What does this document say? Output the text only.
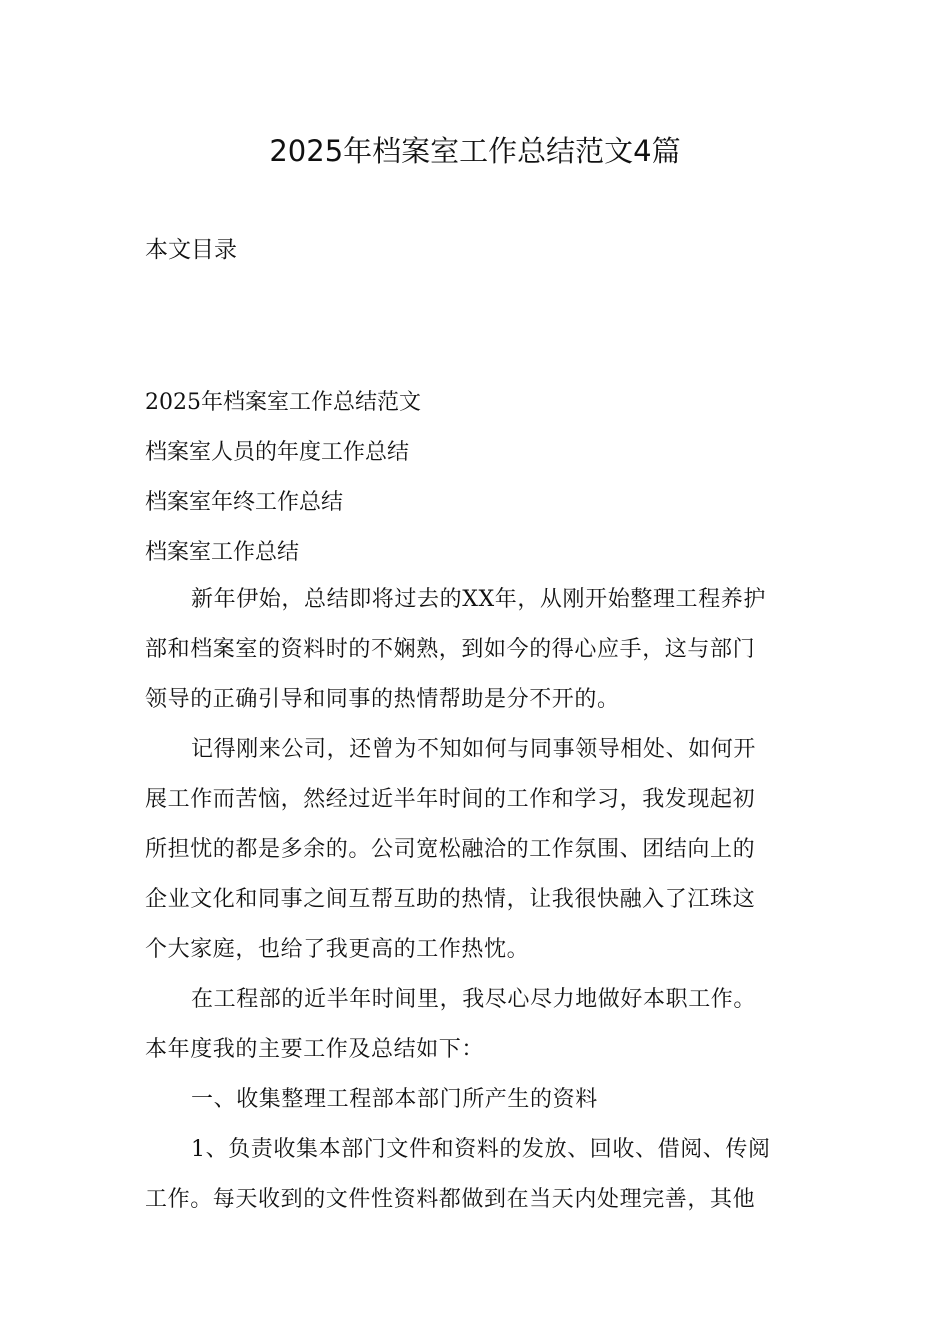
2025年档案室工作总结范文4篇
本文目录
2025年档案室工作总结范文
档案室人员的年度工作总结
档案室年终工作总结
档案室工作总结

新年伊始，总结即将过去的XX年，从刚开始整理工程养护
部和档案室的资料时的不娴熟，到如今的得心应手，这与部门
领导的正确引导和同事的热情帮助是分不开的。

记得刚来公司，还曾为不知如何与同事领导相处、如何开
展工作而苦恼，然经过近半年时间的工作和学习，我发现起初
所担忧的都是多余的。公司宽松融洽的工作氛围、团结向上的
企业文化和同事之间互帮互助的热情，让我很快融入了江珠这
个大家庭，也给了我更高的工作热忱。

在工程部的近半年时间里，我尽心尽力地做好本职工作。
本年度我的主要工作及总结如下：

一、收集整理工程部本部门所产生的资料

1、负责收集本部门文件和资料的发放、回收、借阅、传阅
工作。每天收到的文件性资料都做到在当天内处理完善，其他
